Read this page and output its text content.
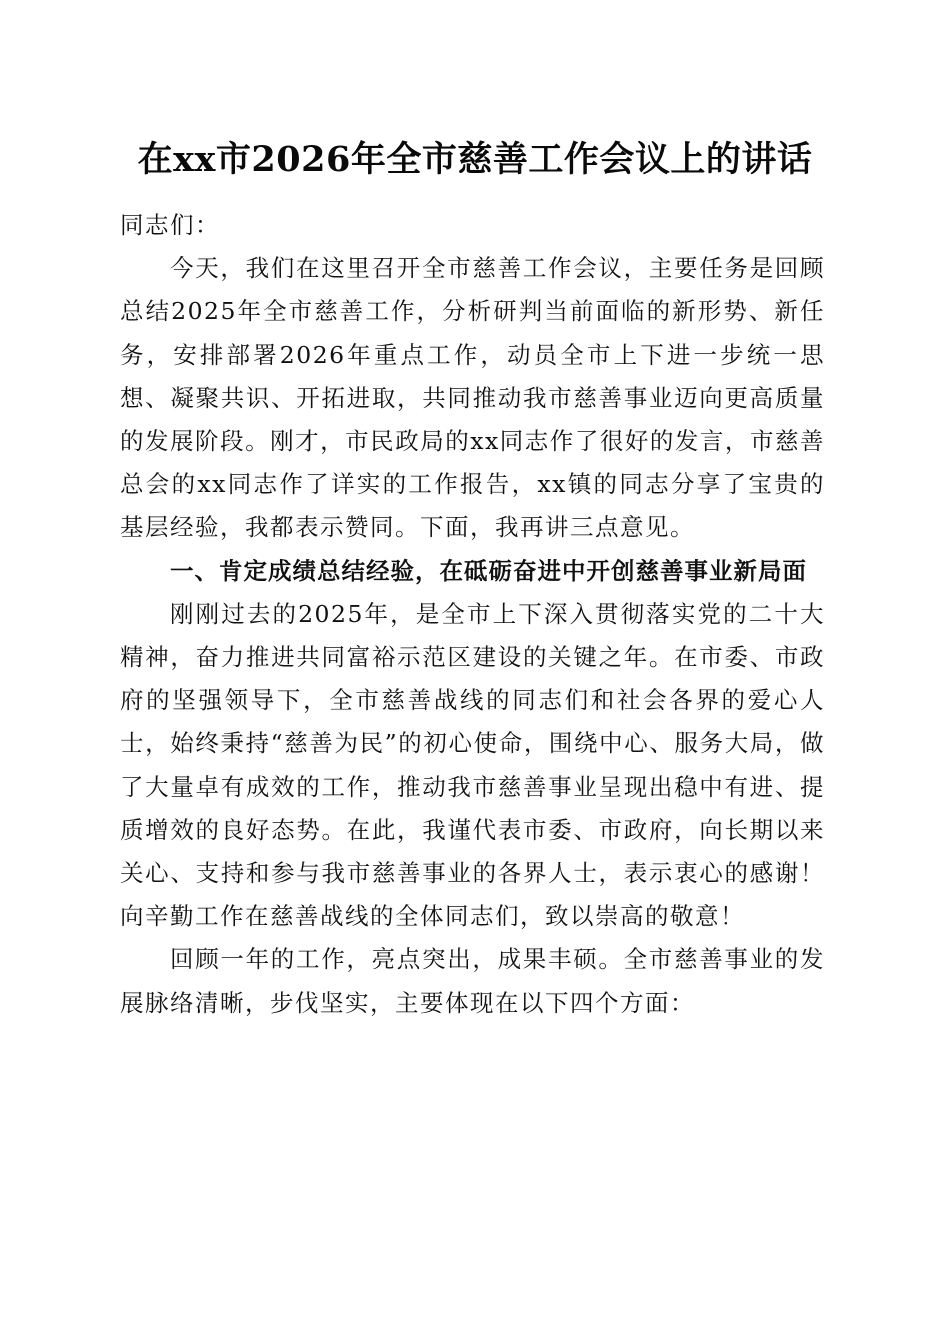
在xx市2026年全市慈善工作会议上的讲话

同志们：

今天，我们在这里召开全市慈善工作会议，主要任务是回顾总结2025年全市慈善工作，分析研判当前面临的新形势、新任务，安排部署2026年重点工作，动员全市上下进一步统一思想、凝聚共识、开拓进取，共同推动我市慈善事业迈向更高质量的发展阶段。刚才，市民政局的xx同志作了很好的发言，市慈善总会的xx同志作了详实的工作报告，xx镇的同志分享了宝贵的基层经验，我都表示赞同。下面，我再讲三点意见。

一、肯定成绩总结经验，在砥砺奋进中开创慈善事业新局面

刚刚过去的2025年，是全市上下深入贯彻落实党的二十大精神，奋力推进共同富裕示范区建设的关键之年。在市委、市政府的坚强领导下，全市慈善战线的同志们和社会各界的爱心人士，始终秉持“慈善为民”的初心使命，围绕中心、服务大局，做了大量卓有成效的工作，推动我市慈善事业呈现出稳中有进、提质增效的良好态势。在此，我谨代表市委、市政府，向长期以来关心、支持和参与我市慈善事业的各界人士，表示衷心的感谢！向辛勤工作在慈善战线的全体同志们，致以崇高的敬意！

回顾一年的工作，亮点突出，成果丰硕。全市慈善事业的发展脉络清晰，步伐坚实，主要体现在以下四个方面：
